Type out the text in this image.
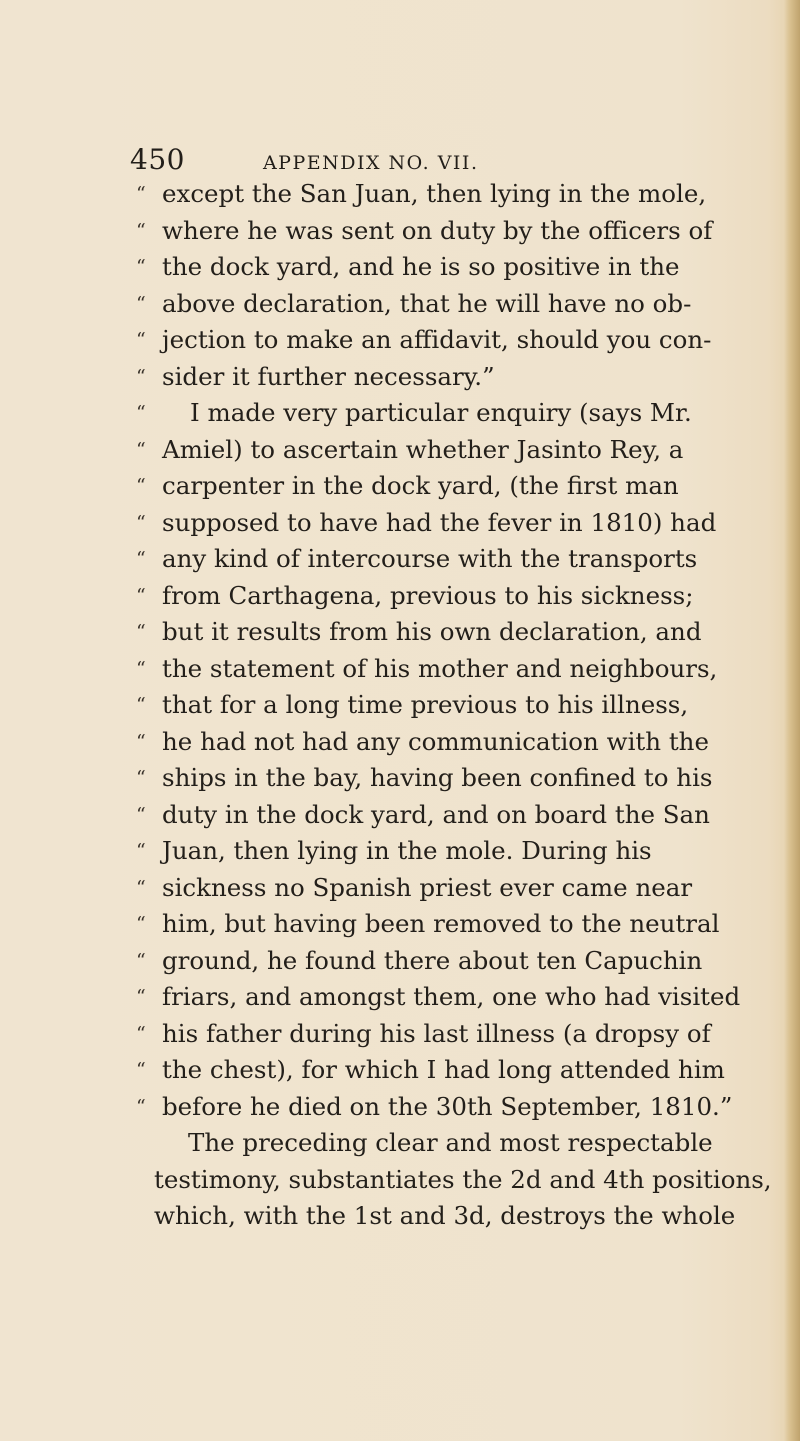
450	APPENDIX NO. VII.
“ except the San Juan, then lying in the mole,
“ where he was sent on duty by the officers of
“ the dock yard, and he is so positive in the
“ above declaration, that he will have no ob-
“ jection to make an affidavit, should you con-
“ sider it further necessary.”
“	I made very particular enquiry (says Mr.
“ Amiel) to ascertain whether Jasinto Rey, a
“ carpenter in the dock yard, (the first man
“ supposed to have had the fever in 1810) had
“ any kind of intercourse with the transports
“ from Carthagena, previous to his sickness;
“ but it results from his own declaration, and
“ the statement of his mother and neighbours,
“ that for a long time previous to his illness,
“ he had not had any communication with the
“ ships in the bay, having been confined to his
“ duty in the dock yard, and on board the San
“ Juan, then lying in the mole. During his
“ sickness no Spanish priest ever came near
“ him, but having been removed to the neutral
“ ground, he found there about ten Capuchin
“ friars, and amongst them, one who had visited
“ his father during his last illness (a dropsy of
“ the chest), for which I had long attended him
“ before he died on the 30th September, 1810.”
The preceding clear and most respectable
testimony, substantiates the 2d and 4th positions,
which, with the 1st and 3d, destroys the whole
